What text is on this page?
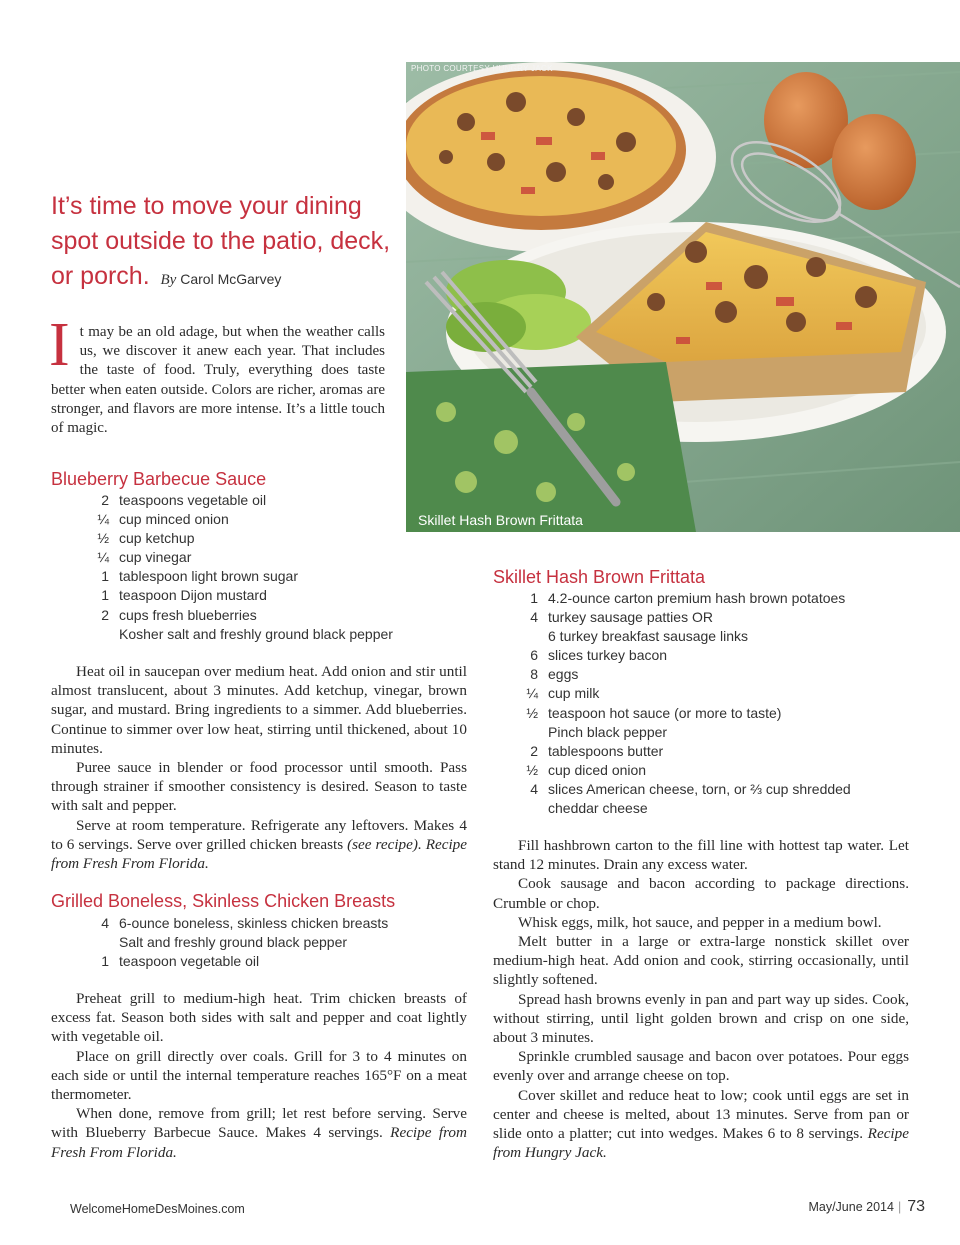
PHOTO COURTESY HUNGRY JACK
Skillet Hash Brown Frittata
It’s time to move your dining spot outside to the patio, deck, or porch. By Carol McGarvey
I t may be an old adage, but when the weather calls us, we discover it anew each year. That includes the taste of food. Truly, everything does taste better when eaten outside. Colors are richer, aromas are stronger, and flavors are more intense. It’s a little touch of magic.
Blueberry Barbecue Sauce
2 teaspoons vegetable oil
¼ cup minced onion
½ cup ketchup
¼ cup vinegar
1 tablespoon light brown sugar
1 teaspoon Dijon mustard
2 cups fresh blueberries
Kosher salt and freshly ground black pepper

Heat oil in saucepan over medium heat. Add onion and stir until almost translucent, about 3 minutes. Add ketchup, vinegar, brown sugar, and mustard. Bring ingredients to a simmer. Add blueberries. Continue to simmer over low heat, stirring until thickened, about 10 minutes.

Puree sauce in blender or food processor until smooth. Pass through strainer if smoother consistency is desired. Season to taste with salt and pepper.

Serve at room temperature. Refrigerate any leftovers. Makes 4 to 6 servings. Serve over grilled chicken breasts (see recipe). Recipe from Fresh From Florida.

Grilled Boneless, Skinless Chicken Breasts
4 6-ounce boneless, skinless chicken breasts
Salt and freshly ground black pepper
1 teaspoon vegetable oil

Preheat grill to medium-high heat. Trim chicken breasts of excess fat. Season both sides with salt and pepper and coat lightly with vegetable oil.

Place on grill directly over coals. Grill for 3 to 4 minutes on each side or until the internal temperature reaches 165°F on a meat thermometer.

When done, remove from grill; let rest before serving. Serve with Blueberry Barbecue Sauce. Makes 4 servings. Recipe from Fresh From Florida.

Skillet Hash Brown Frittata
1 4.2-ounce carton premium hash brown potatoes
4 turkey sausage patties OR
6 turkey breakfast sausage links
6 slices turkey bacon
8 eggs
¼ cup milk
½ teaspoon hot sauce (or more to taste)
Pinch black pepper
2 tablespoons butter
½ cup diced onion
4 slices American cheese, torn, or ⅔ cup shredded
cheddar cheese

Fill hashbrown carton to the fill line with hottest tap water. Let stand 12 minutes. Drain any excess water.

Cook sausage and bacon according to package directions. Crumble or chop.

Whisk eggs, milk, hot sauce, and pepper in a medium bowl.

Melt butter in a large or extra-large nonstick skillet over medium-high heat. Add onion and cook, stirring occasionally, until slightly softened.

Spread hash browns evenly in pan and part way up sides. Cook, without stirring, until light golden brown and crisp on one side, about 3 minutes.

Sprinkle crumbled sausage and bacon over potatoes. Pour eggs evenly over and arrange cheese on top.

Cover skillet and reduce heat to low; cook until eggs are set in center and cheese is melted, about 13 minutes. Serve from pan or slide onto a platter; cut into wedges. Makes 6 to 8 servings. Recipe from Hungry Jack.

WelcomeHomeDesMoines.com	May/June 2014 | 73
